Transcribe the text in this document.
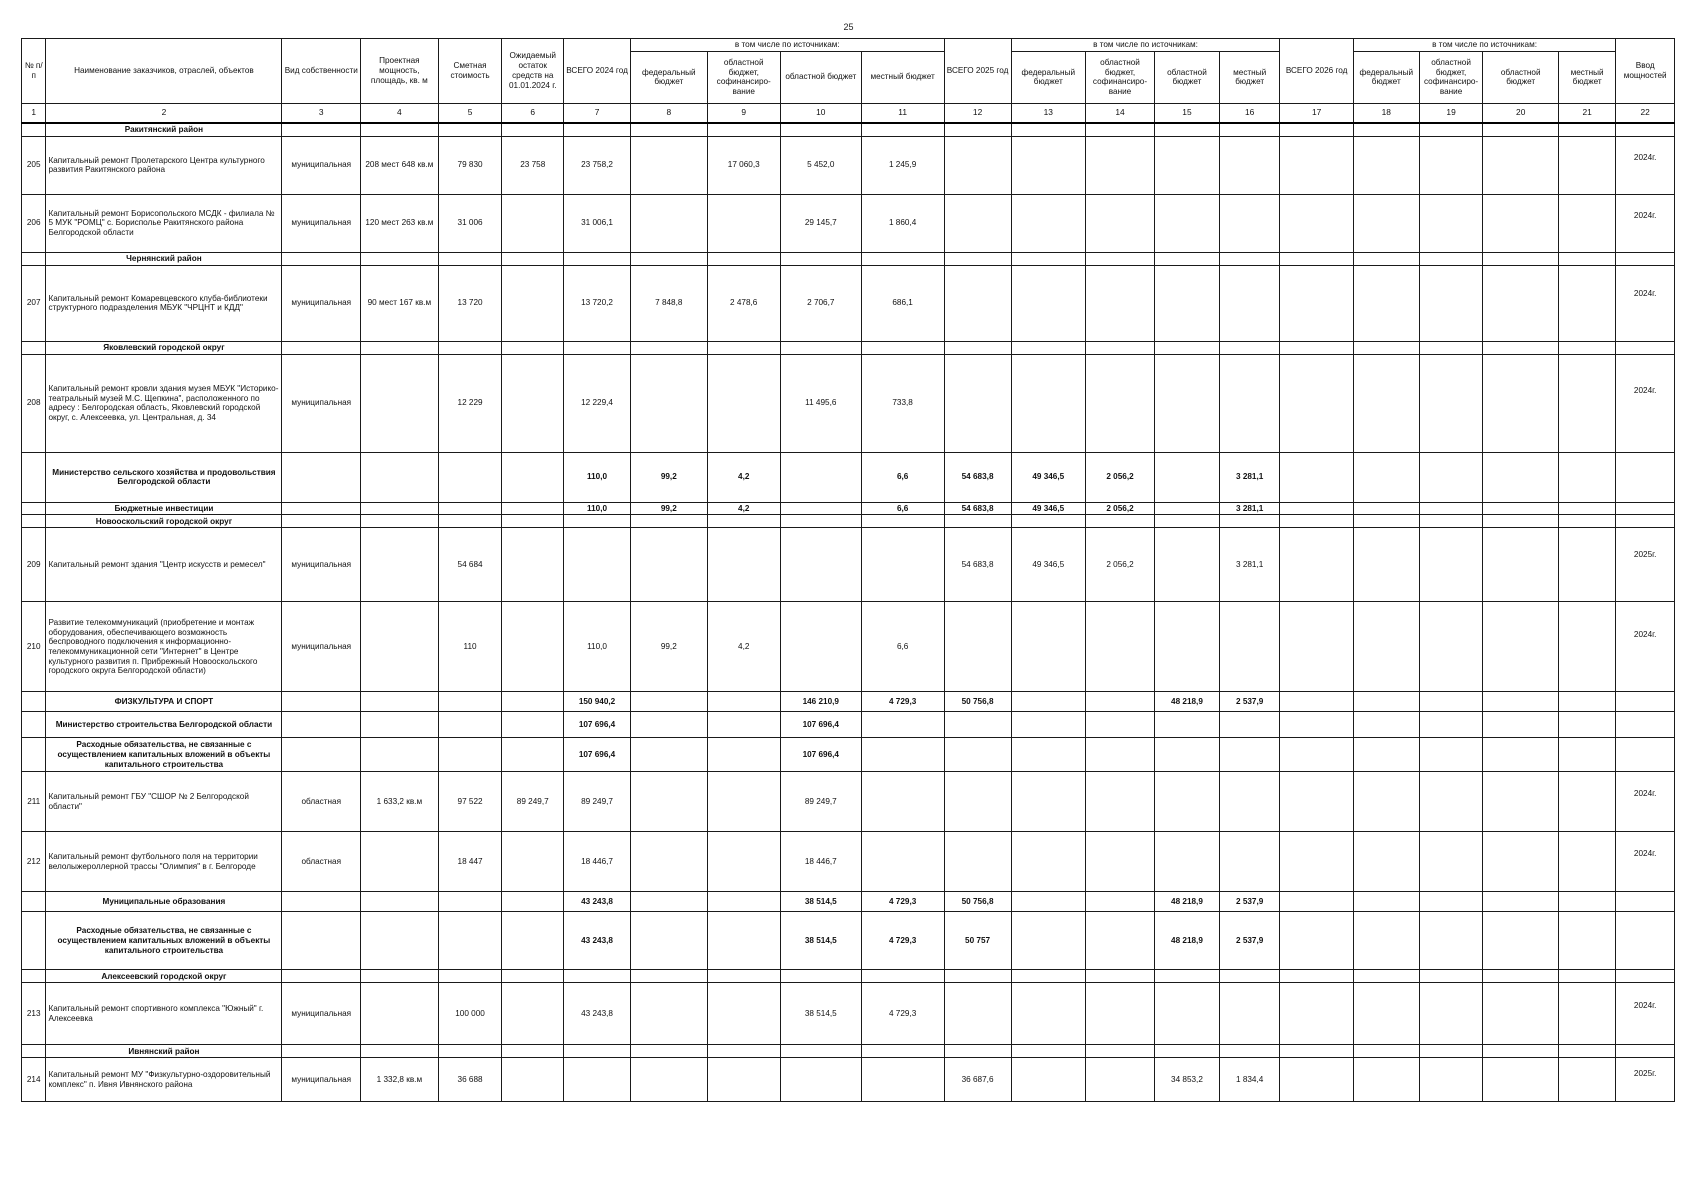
25
№ п/п	Наименование заказчиков, отраслей, объектов	Вид собственности	Проектная мощность, площадь, кв. м	Сметная стоимость	Ожидаемый остаток средств на 01.01.2024 г.	ВСЕГО 2024 год	в том числе по источникам:				ВСЕГО 2025 год	в том числе по источникам:				ВСЕГО 2026 год	в том числе по источникам:				Ввод мощностей
							федеральный бюджет	областной бюджет, софинансиро-вание	областной бюджет	местный бюджет		федеральный бюджет	областной бюджет, софинансиро-вание	областной бюджет	местный бюджет		федеральный бюджет	областной бюджет, софинансиро-вание	областной бюджет	местный бюджет	
1	2	3	4	5	6	7	8	9	10	11	12	13	14	15	16	17	18	19	20	21	22
	Ракитянский район																				
205	Капитальный ремонт Пролетарского Центра культурного развития Ракитянского района	муниципальная	208 мест 648 кв.м	79 830	23 758	23 758,2		17 060,3	5 452,0	1 245,9											2024г.
206	Капитальный ремонт Борисопольского МСДК - филиала № 5 МУК "РОМЦ" с. Бориcполье Ракитянского района Белгородской области	муниципальная	120 мест 263 кв.м	31 006		31 006,1			29 145,7	1 860,4											2024г.
	Чернянский район																				
207	Капитальный ремонт Комаревцевского клуба-библиотеки структурного подразделения МБУК "ЧРЦНТ и КДД"	муниципальная	90 мест 167 кв.м	13 720		13 720,2	7 848,8	2 478,6	2 706,7	686,1											2024г.
	Яковлевский городской округ																				
208	Капитальный ремонт кровли здания музея МБУК "Историко-театральный музей М.С. Щепкина", расположенного по адресу : Белгородская область, Яковлевский городской округ, с. Алексеевка, ул. Центральная, д. 34	муниципальная		12 229		12 229,4			11 495,6	733,8											2024г.
	Министерство сельского хозяйства и продовольствия Белгородской области					110,0	99,2	4,2		6,6	54 683,8	49 346,5	2 056,2		3 281,1						
	Бюджетные инвестиции					110,0	99,2	4,2		6,6	54 683,8	49 346,5	2 056,2		3 281,1						
	Новооскольский городской округ																				
209	Капитальный ремонт здания "Центр искусств и ремесел"	муниципальная		54 684							54 683,8	49 346,5	2 056,2		3 281,1						2025г.
210	Развитие телекоммуникаций (приобретение и монтаж оборудования, обеспечивающего возможность беспроводного подключения к информационно-телекоммуникационной сети "Интернет" в Центре культурного развития п. Прибрежный Новооскольского городского округа Белгородской области)	муниципальная		110		110,0	99,2	4,2		6,6											2024г.
	ФИЗКУЛЬТУРА И СПОРТ					150 940,2			146 210,9	4 729,3	50 756,8			48 218,9	2 537,9						
	Министерство строительства Белгородской области					107 696,4			107 696,4												
	Расходные обязательства, не связанные с осуществлением капитальных вложений в объекты капитального строительства					107 696,4			107 696,4												
211	Капитальный ремонт ГБУ "СШОР № 2 Белгородской области"	областная	1 633,2 кв.м	97 522	89 249,7	89 249,7			89 249,7												2024г.
212	Капитальный ремонт футбольного поля на территории велолыжероллерной трассы "Олимпия" в г. Белгороде	областная		18 447		18 446,7			18 446,7												2024г.
	Муниципальные образования					43 243,8			38 514,5	4 729,3	50 756,8			48 218,9	2 537,9						
	Расходные обязательства, не связанные с осуществлением капитальных вложений в объекты капитального строительства					43 243,8			38 514,5	4 729,3	50 757			48 218,9	2 537,9						
	Алексеевский городской округ																				
213	Капитальный ремонт спортивного комплекса "Южный" г. Алексеевка	муниципальная		100 000		43 243,8			38 514,5	4 729,3											2024г.
	Ивнянский район																				
214	Капитальный ремонт МУ "Физкультурно-оздоровительный комплекс" п. Ивня Ивнянского района	муниципальная	1 332,8 кв.м	36 688							36 687,6			34 853,2	1 834,4						2025г.
